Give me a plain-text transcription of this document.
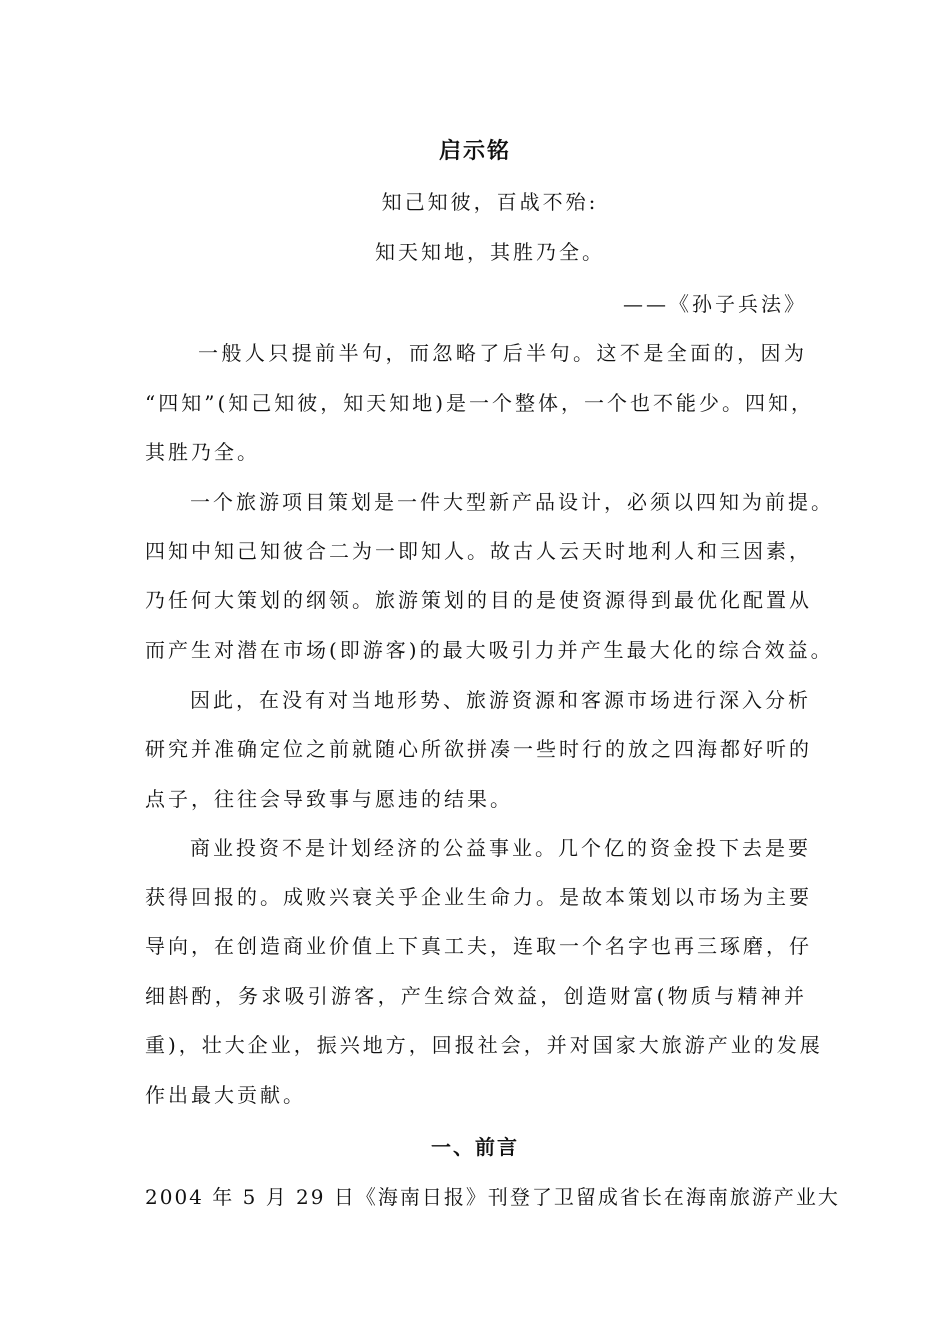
启示铭
知己知彼，百战不殆:
知天知地，其胜乃全。
——《孙子兵法》
一般人只提前半句，而忽略了后半句。这不是全面的，因为
“四知”(知己知彼，知天知地)是一个整体，一个也不能少。四知，
其胜乃全。
一个旅游项目策划是一件大型新产品设计，必须以四知为前提。
四知中知己知彼合二为一即知人。故古人云天时地利人和三因素，
乃任何大策划的纲领。旅游策划的目的是使资源得到最优化配置从
而产生对潜在市场(即游客)的最大吸引力并产生最大化的综合效益。
因此，在没有对当地形势、旅游资源和客源市场进行深入分析
研究并准确定位之前就随心所欲拼凑一些时行的放之四海都好听的
点子，往往会导致事与愿违的结果。
商业投资不是计划经济的公益事业。几个亿的资金投下去是要
获得回报的。成败兴衰关乎企业生命力。是故本策划以市场为主要
导向，在创造商业价值上下真工夫，连取一个名字也再三琢磨，仔
细斟酌，务求吸引游客，产生综合效益，创造财富(物质与精神并
重)，壮大企业，振兴地方，回报社会，并对国家大旅游产业的发展
作出最大贡献。
一、前言
2004 年 5 月 29 日《海南日报》刊登了卫留成省长在海南旅游产业大
